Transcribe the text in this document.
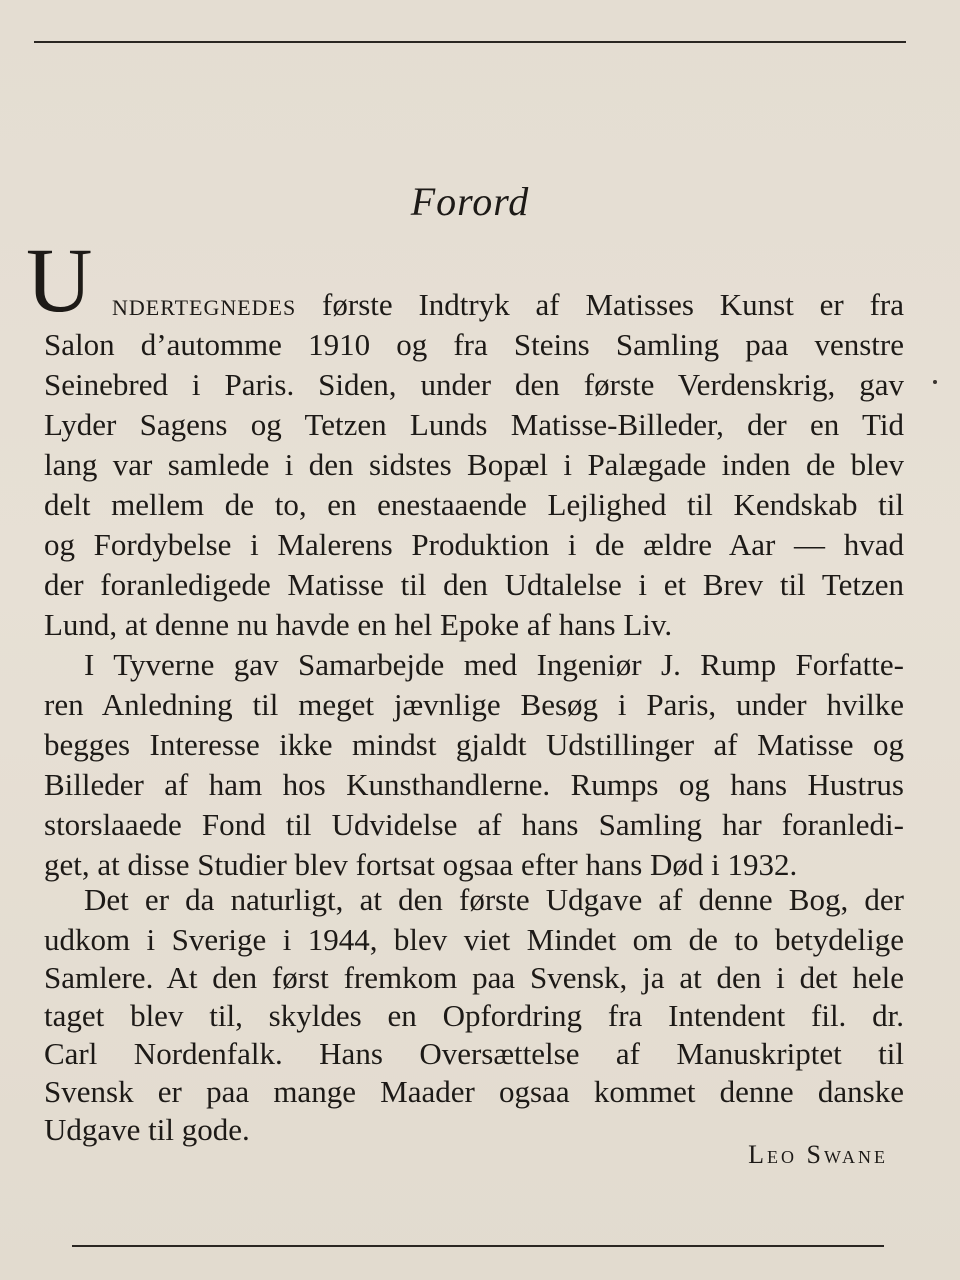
Forord
U ndertegnedes første Indtryk af Matisses Kunst er fra
Salon d’automme 1910 og fra Steins Samling paa venstre
Seinebred i Paris. Siden, under den første Verdenskrig, gav
Lyder Sagens og Tetzen Lunds Matisse-Billeder, der en Tid
lang var samlede i den sidstes Bopæl i Palægade inden de blev
delt mellem de to, en enestaaende Lejlighed til Kendskab til
og Fordybelse i Malerens Produktion i de ældre Aar — hvad
der foranledigede Matisse til den Udtalelse i et Brev til Tetzen
Lund, at denne nu havde en hel Epoke af hans Liv.
I Tyverne gav Samarbejde med Ingeniør J. Rump Forfatte-
ren Anledning til meget jævnlige Besøg i Paris, under hvilke
begges Interesse ikke mindst gjaldt Udstillinger af Matisse og
Billeder af ham hos Kunsthandlerne. Rumps og hans Hustrus
storslaaede Fond til Udvidelse af hans Samling har foranledi-
get, at disse Studier blev fortsat ogsaa efter hans Død i 1932.
Det er da naturligt, at den første Udgave af denne Bog, der
udkom i Sverige i 1944, blev viet Mindet om de to betydelige
Samlere. At den først fremkom paa Svensk, ja at den i det hele
taget blev til, skyldes en Opfordring fra Intendent fil. dr.
Carl Nordenfalk. Hans Oversættelse af Manuskriptet til
Svensk er paa mange Maader ogsaa kommet denne danske
Udgave til gode.
Leo Swane
